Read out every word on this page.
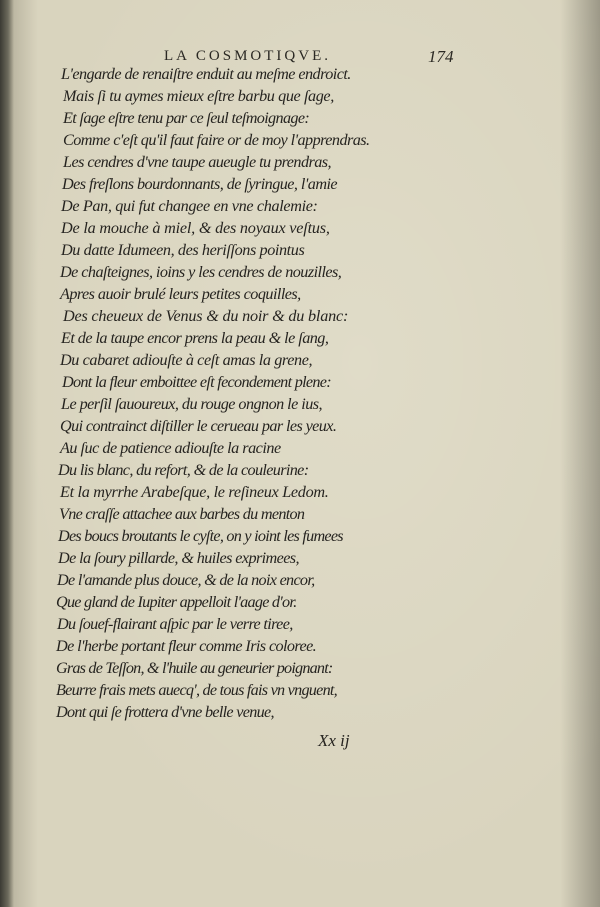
LA COSMOTIQVE.	174
L'engarde de renaiſtre enduit au meſme endroict.
Mais ſi tu aymes mieux eſtre barbu que ſage,
Et ſage eſtre tenu par ce ſeul teſmoignage:
Comme c'eſt qu'il faut faire or de moy l'apprendras.
Les cendres d'vne taupe aueugle tu prendras,
Des freſlons bourdonnants, de ſyringue, l'amie
De Pan, qui fut changee en vne chalemie:
De la mouche à miel, & des noyaux veſtus,
Du datte Idumeen, des heriſſons pointus
De chaſteignes, ioins y les cendres de nouzilles,
Apres auoir brulé leurs petites coquilles,
Des cheueux de Venus & du noir & du blanc:
Et de la taupe encor prens la peau & le ſang,
Du cabaret adiouſte à ceſt amas la grene,
Dont la fleur emboittee eſt fecondement plene:
Le perſil ſauoureux, du rouge ongnon le ius,
Qui contrainct diſtiller le cerueau par les yeux.
Au ſuc de patience adiouſte la racine
Du lis blanc, du refort, & de la couleurine:
Et la myrrhe Arabeſque, le reſineux Ledom.
Vne craſſe attachee aux barbes du menton
Des boucs broutants le cyſte, on y ioint les fumees
De la ſoury pillarde, & huiles exprimees,
De l'amande plus douce, & de la noix encor,
Que gland de Iupiter appelloit l'aage d'or.
Du ſouef-flairant aſpic par le verre tiree,
De l'herbe portant fleur comme Iris coloree.
Gras de Teſſon, & l'huile au geneurier poignant:
Beurre frais mets auecq', de tous fais vn vnguent,
Dont qui ſe frottera d'vne belle venue,
Xx ij
